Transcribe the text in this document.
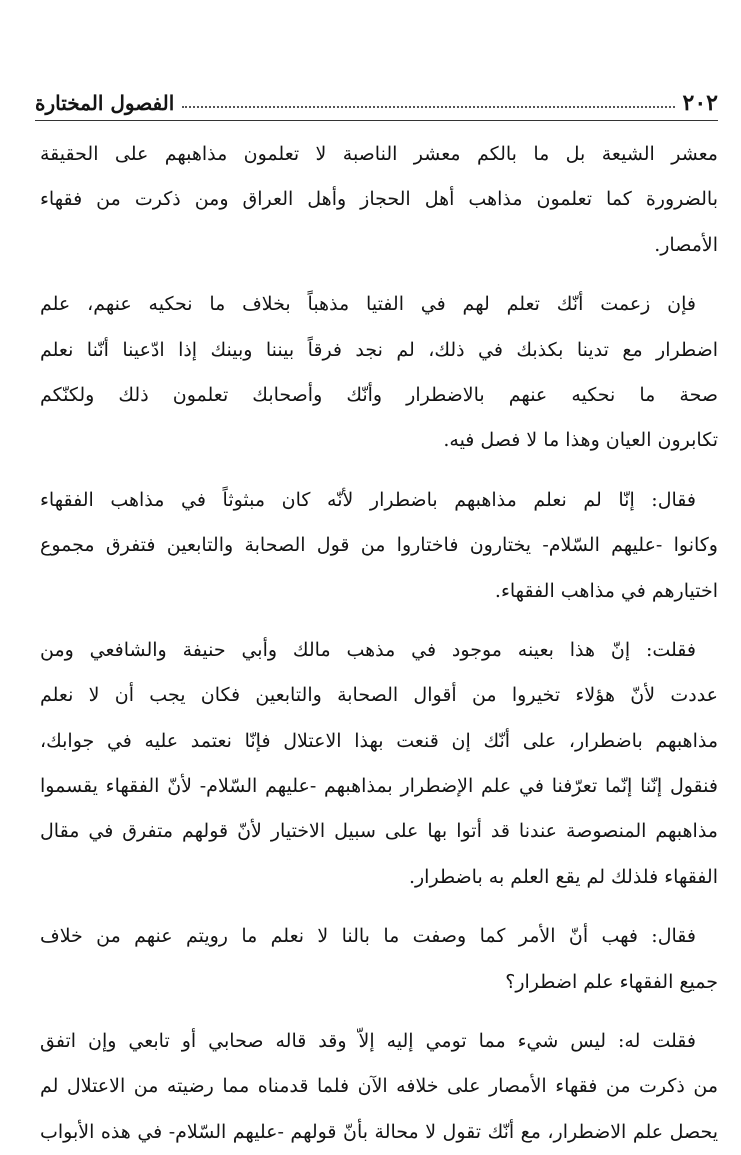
٢٠٢
الفصول المختارة
معشر الشيعة بل ما بالكم معشر الناصبة لا تعلمون مذاهبهم على الحقيقة
بالضرورة كما تعلمون مذاهب أهل الحجاز وأهل العراق ومن ذكرت من فقهاء
الأمصار.
فإن زعمت أنّك تعلم لهم في الفتيا مذهباً بخلاف ما نحكيه عنهم، علم
اضطرار مع تدينا بكذبك في ذلك، لم نجد فرقاً بيننا وبينك إذا ادّعينا أنّنا نعلم
صحة ما نحكيه عنهم بالاضطرار وأنّك وأصحابك تعلمون ذلك ولكنّكم
تكابرون العيان وهذا ما لا فصل فيه.
فقال: إنّا لم نعلم مذاهبهم باضطرار لأنّه كان مبثوثاً في مذاهب الفقهاء
وكانوا -عليهم السّلام- يختارون فاختاروا من قول الصحابة والتابعين فتفرق مجموع
اختيارهم في مذاهب الفقهاء.
فقلت: إنّ هذا بعينه موجود في مذهب مالك وأبي حنيفة والشافعي ومن
عددت لأنّ هؤلاء تخيروا من أقوال الصحابة والتابعين فكان يجب أن لا نعلم
مذاهبهم باضطرار، على أنّك إن قنعت بهذا الاعتلال فإنّا نعتمد عليه في جوابك،
فنقول إنّنا إنّما تعرّفنا في علم الإضطرار بمذاهبهم -عليهم السّلام- لأنّ الفقهاء يقسموا
مذاهبهم المنصوصة عندنا قد أتوا بها على سبيل الاختيار لأنّ قولهم متفرق في مقال
الفقهاء فلذلك لم يقع العلم به باضطرار.
فقال: فهب أنّ الأمر كما وصفت ما بالنا لا نعلم ما رويتم عنهم من خلاف
جميع الفقهاء علم اضطرار؟
فقلت له: ليس شيء مما تومي إليه إلاّ وقد قاله صحابي أو تابعي وإن اتفق
من ذكرت من فقهاء الأمصار على خلافه الآن فلما قدمناه مما رضيته من الاعتلال لم
يحصل علم الاضطرار، مع أنّك تقول لا محالة بأنّ قولهم -عليهم السّلام- في هذه الأبواب
